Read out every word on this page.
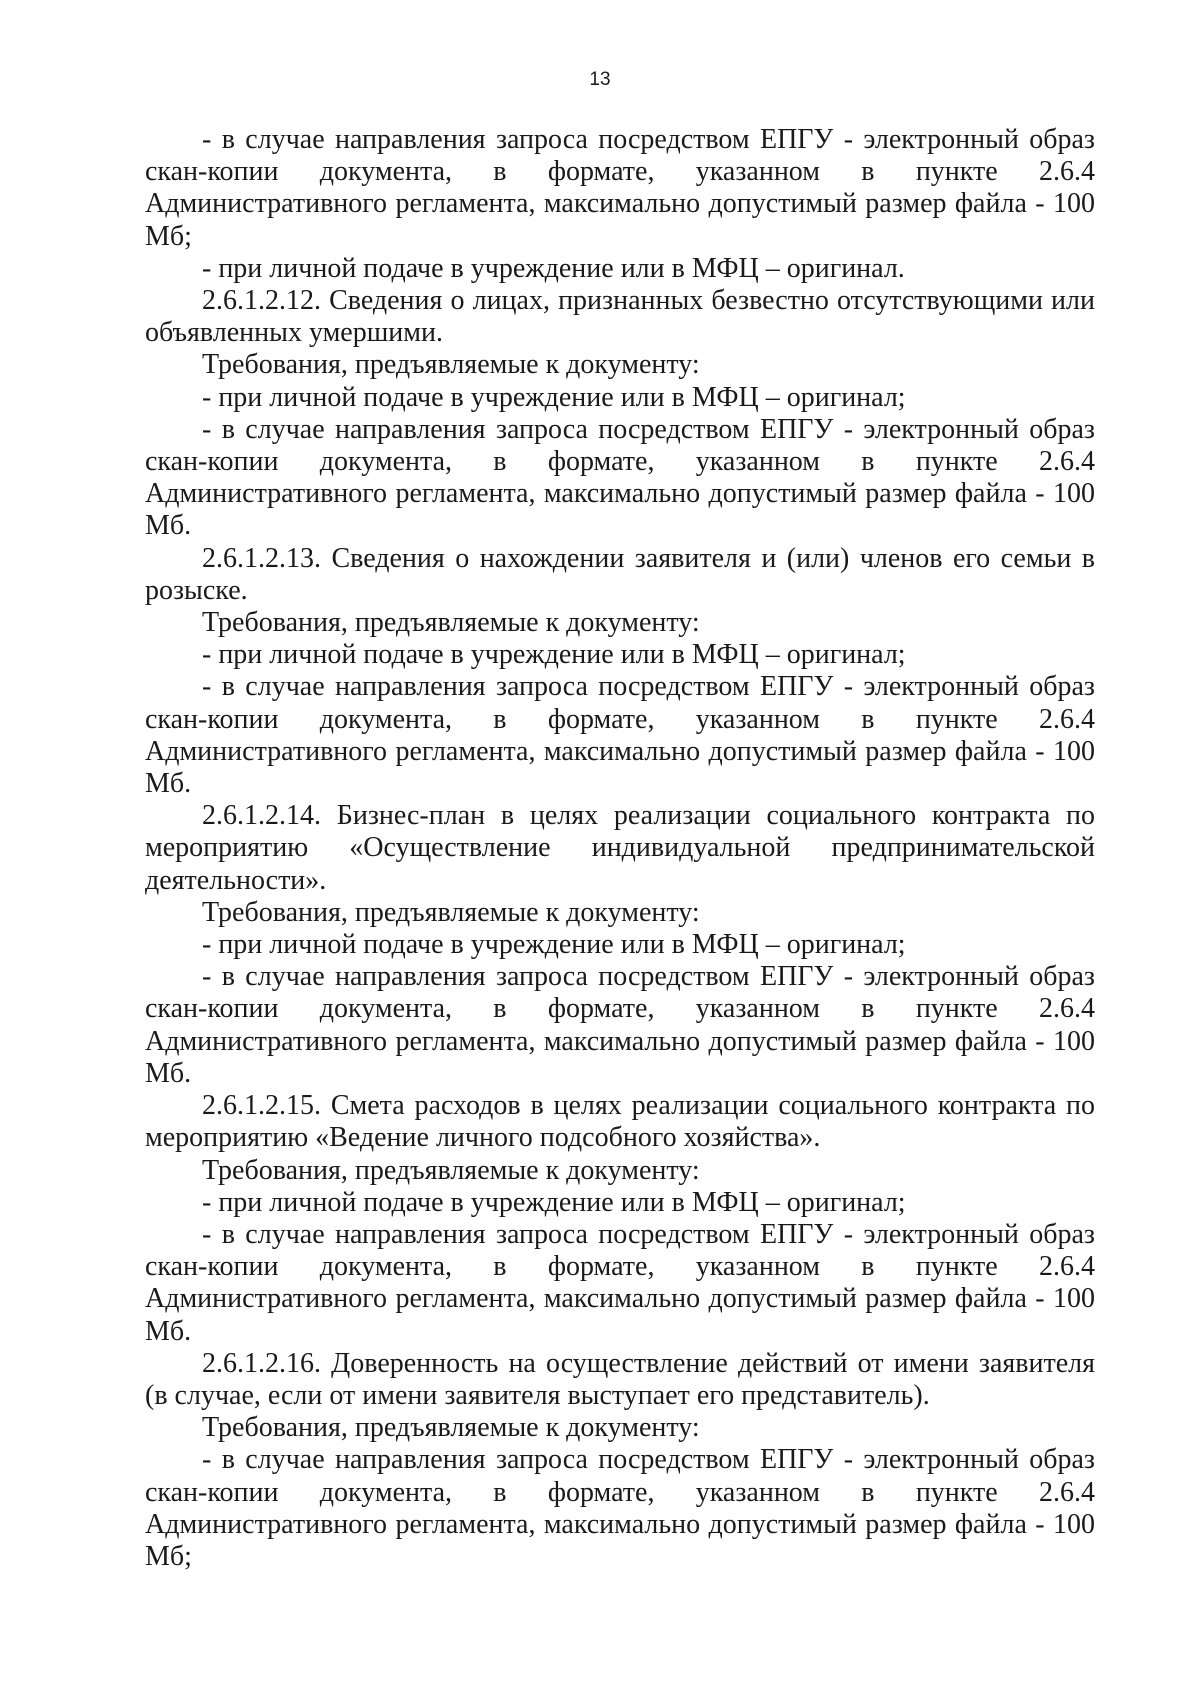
13

- в случае направления запроса посредством ЕПГУ - электронный образ скан-копии документа, в формате, указанном в пункте 2.6.4 Административного регламента, максимально допустимый размер файла - 100 Мб;

- при личной подаче в учреждение или в МФЦ – оригинал.

2.6.1.2.12. Сведения о лицах, признанных безвестно отсутствующими или объявленных умершими.

Требования, предъявляемые к документу:

- при личной подаче в учреждение или в МФЦ – оригинал;

- в случае направления запроса посредством ЕПГУ - электронный образ скан-копии документа, в формате, указанном в пункте 2.6.4 Административного регламента, максимально допустимый размер файла - 100 Мб.

2.6.1.2.13. Сведения о нахождении заявителя и (или) членов его семьи в розыске.

Требования, предъявляемые к документу:

- при личной подаче в учреждение или в МФЦ – оригинал;

- в случае направления запроса посредством ЕПГУ - электронный образ скан-копии документа, в формате, указанном в пункте 2.6.4 Административного регламента, максимально допустимый размер файла - 100 Мб.

2.6.1.2.14. Бизнес-план в целях реализации социального контракта по мероприятию «Осуществление индивидуальной предпринимательской деятельности».

Требования, предъявляемые к документу:

- при личной подаче в учреждение или в МФЦ – оригинал;

- в случае направления запроса посредством ЕПГУ - электронный образ скан-копии документа, в формате, указанном в пункте 2.6.4 Административного регламента, максимально допустимый размер файла - 100 Мб.

2.6.1.2.15. Смета расходов в целях реализации социального контракта по мероприятию «Ведение личного подсобного хозяйства».

Требования, предъявляемые к документу:

- при личной подаче в учреждение или в МФЦ – оригинал;

- в случае направления запроса посредством ЕПГУ - электронный образ скан-копии документа, в формате, указанном в пункте 2.6.4 Административного регламента, максимально допустимый размер файла - 100 Мб.

2.6.1.2.16. Доверенность на осуществление действий от имени заявителя (в случае, если от имени заявителя выступает его представитель).

Требования, предъявляемые к документу:

- в случае направления запроса посредством ЕПГУ - электронный образ скан-копии документа, в формате, указанном в пункте 2.6.4 Административного регламента, максимально допустимый размер файла - 100 Мб;
